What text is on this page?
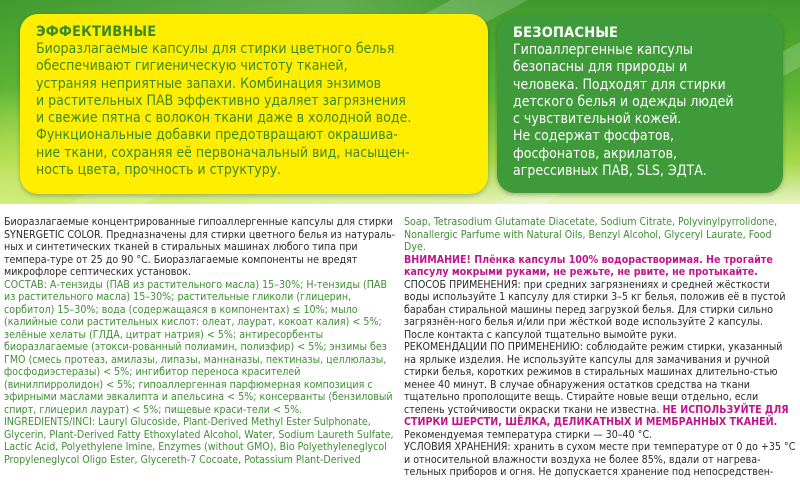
ЭФФЕКТИВНЫЕ
Биоразлагаемые капсулы для стирки цветного белья
обеспечивают гигиеническую чистоту тканей,
устраняя неприятные запахи. Комбинация энзимов
и растительных ПАВ эффективно удаляет загрязнения
и свежие пятна с волокон ткани даже в холодной воде.
Функциональные добавки предотвращают окрашива-
ние ткани, сохраняя её первоначальный вид, насыщен-
ность цвета, прочность и структуру.
БЕЗОПАСНЫЕ
Гипоаллергенные капсулы
безопасны для природы и
человека. Подходят для стирки
детского белья и одежды людей
с чувствительной кожей.
Не содержат фосфатов,
фосфонатов, акрилатов,
агрессивных ПАВ, SLS, ЭДТА.
Биоразлагаемые концентрированные гипоаллергенные капсулы для стирки SYNERGETIC COLOR. Предназначены для стирки цветного белья из натураль-ных и синтетических тканей в стиральных машинах любого типа при темпера-туре от 25 до 90 °С. Биоразлагаемые компоненты не вредят микрофлоре септических установок.
СОСТАВ: А-тензиды (ПАВ из растительного масла) 15–30%; Н-тензиды (ПАВ из растительного масла) 15–30%; растительные гликоли (глицерин, сорбитол) 15–30%; вода (содержащаяся в компонентах) ≤ 10%; мыло (калийные соли растительных кислот: олеат, лаурат, кокоат калия) < 5%; зелёные хелаты (ГЛДА, цитрат натрия) < 5%; антиресорбенты биоразлагаемые (этокси-рованный полиамин, полиэфир) < 5%; энзимы без ГМО (смесь протеаз, амилазы, липазы, маннаназы, пектиназы, целлюлазы, фосфодиэстеразы) < 5%; ингибитор переноса красителей (винилпирролидон) < 5%; гипоаллергенная парфюмерная композиция с эфирными маслами эвкалипта и апельсина < 5%; консерванты (бензиловый спирт, глицерил лаурат) < 5%; пищевые краси-тели < 5%.
INGREDIENTS/INCI: Lauryl Glucoside, Plant-Derived Methyl Ester Sulphonate, Glycerin, Plant-Derived Fatty Ethoxylated Alcohol, Water, Sodium Laureth Sulfate, Lactic Acid, Polyethylene Imine, Enzymes (without GMO), Bio Polyethyleneglycol Propyleneglycol Oligo Ester, Glycereth-7 Cocoate, Potassium Plant-Derived
Soap, Tetrasodium Glutamate Diacetate, Sodium Citrate, Polyvinylpyrrolidone, Nonallergic Parfume with Natural Oils, Benzyl Alcohol, Glyceryl Laurate, Food Dye.
ВНИМАНИЕ! Плёнка капсулы 100% водорастворимая. Не трогайте капсулу мокрыми руками, не режьте, не рвите, не протыкайте.
СПОСОБ ПРИМЕНЕНИЯ: при средних загрязнениях и средней жёсткости воды используйте 1 капсулу для стирки 3–5 кг белья, положив её в пустой барабан стиральной машины перед загрузкой белья. Для стирки сильно загрязнён-ного белья и/или при жёсткой воде используйте 2 капсулы. После контакта с капсулой тщательно вымойте руки.
РЕКОМЕНДАЦИИ ПО ПРИМЕНЕНИЮ: соблюдайте режим стирки, указанный на ярлыке изделия. Не используйте капсулы для замачивания и ручной стирки белья, коротких режимов в стиральных машинах длительно-стью менее 40 минут. В случае обнаружения остатков средства на ткани тщательно прополощите вещь. Стирайте новые вещи отдельно, если степень устойчивости окраски ткани не известна. НЕ ИСПОЛЬЗУЙТЕ ДЛЯ СТИРКИ ШЕРСТИ, ШЁЛКА, ДЕЛИКАТНЫХ И МЕМБРАННЫХ ТКАНЕЙ. Рекомендуемая температура стирки — 30–40 °С.
УСЛОВИЯ ХРАНЕНИЯ: хранить в сухом месте при температуре от 0 до +35 °С и относительной влажности воздуха не более 85%, вдали от нагрева-тельных приборов и огня. Не допускается хранение под непосредствен-
